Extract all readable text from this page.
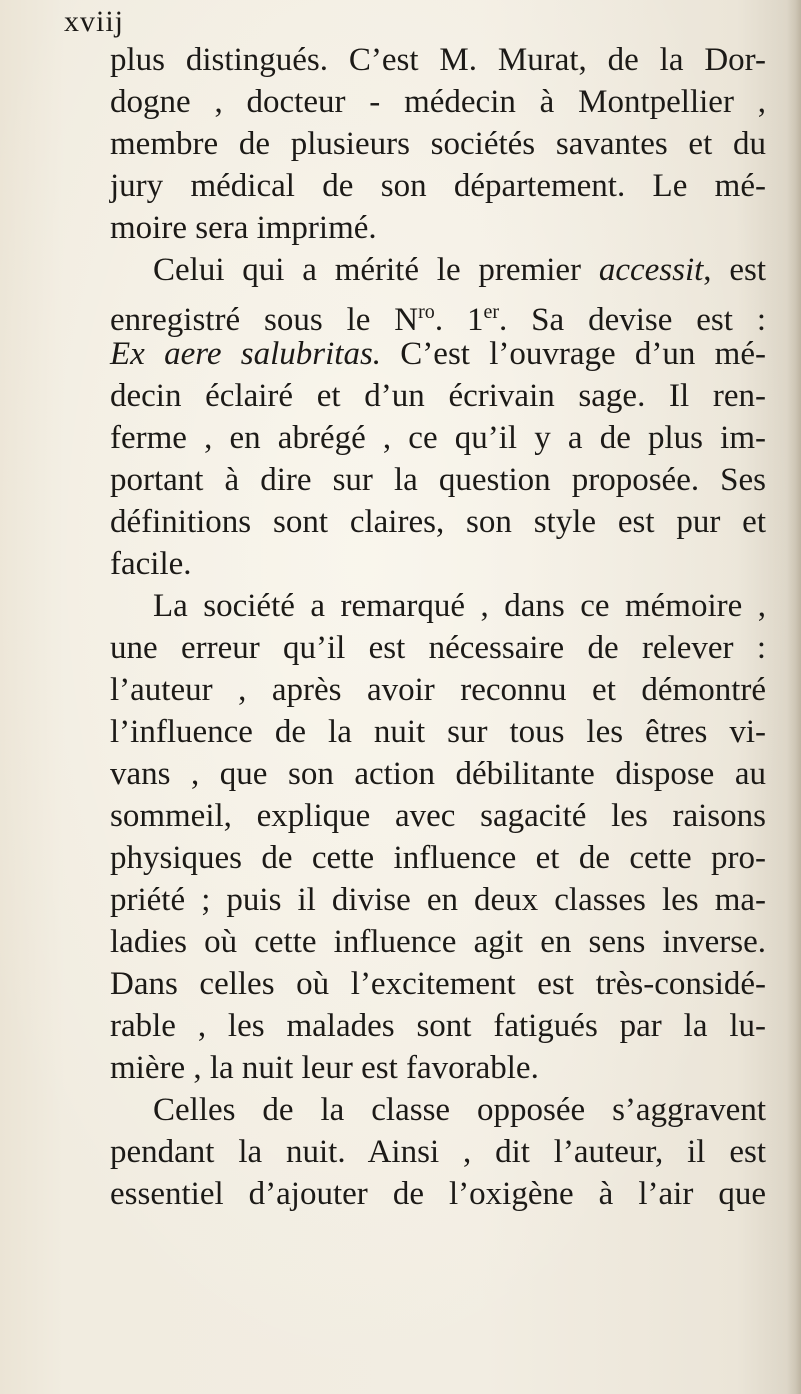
xviij
plus distingués. C’est M. Murat, de la Dor-
dogne , docteur - médecin à Montpellier ,
membre de plusieurs sociétés savantes et du
jury médical de son département. Le mé-
moire sera imprimé.
Celui qui a mérité le premier accessit, est
enregistré sous le $N^{ro}$. 1er. Sa devise est :
Ex aere salubritas. C’est l’ouvrage d’un mé-
decin éclairé et d’un écrivain sage. Il ren-
ferme , en abrégé , ce qu’il y a de plus im-
portant à dire sur la question proposée. Ses
définitions sont claires, son style est pur et
facile.
La société a remarqué , dans ce mémoire ,
une erreur qu’il est nécessaire de relever :
l’auteur , après avoir reconnu et démontré
l’influence de la nuit sur tous les êtres vi-
vans , que son action débilitante dispose au
sommeil, explique avec sagacité les raisons
physiques de cette influence et de cette pro-
priété ; puis il divise en deux classes les ma-
ladies où cette influence agit en sens inverse.
Dans celles où l’excitement est très-considé-
rable , les malades sont fatigués par la lu-
mière , la nuit leur est favorable.
Celles de la classe opposée s’aggravent
pendant la nuit. Ainsi , dit l’auteur, il est
essentiel d’ajouter de l’oxigène à l’air que
